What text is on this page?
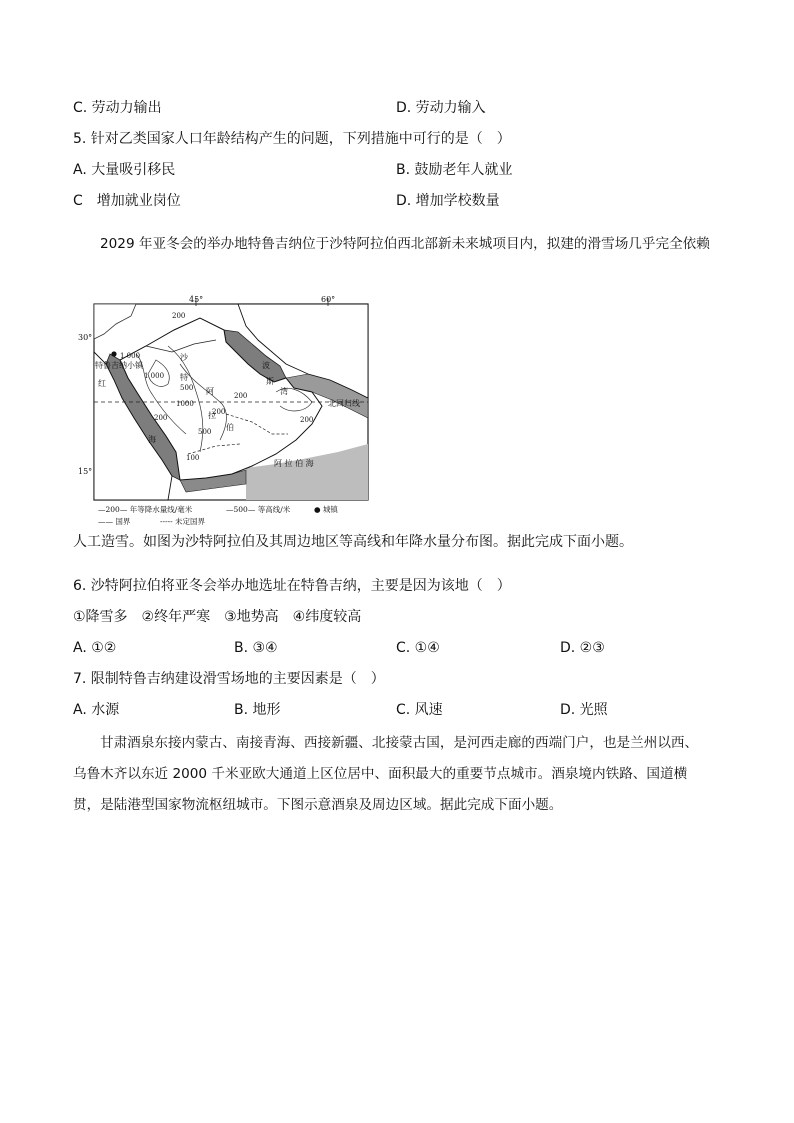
C. 劳动力输出	D. 劳动力输入
5. 针对乙类国家人口年龄结构产生的问题，下列措施中可行的是（　）
A. 大量吸引移民	B. 鼓励老年人就业
C　增加就业岗位	D. 增加学校数量
2029 年亚冬会的举办地特鲁吉纳位于沙特阿拉伯西北部新未来城项目内，拟建的滑雪场几乎完全依赖
45°	60°
30°
15°
特鲁吉纳小镇
红
海
波
斯
湾
北回归线
阿 拉 伯 海
沙
特
阿
拉
伯
200
200
200
200
200
1 000
1 000
1000
500
500
100
—200— 年等降水量线/毫米	—500— 等高线/米	● 城镇
—— 国界	----- 未定国界
人工造雪。如图为沙特阿拉伯及其周边地区等高线和年降水量分布图。据此完成下面小题。
6. 沙特阿拉伯将亚冬会举办地选址在特鲁吉纳，主要是因为该地（　）
①降雪多　②终年严寒　③地势高　④纬度较高
A. ①②	B. ③④	C. ①④	D. ②③
7. 限制特鲁吉纳建设滑雪场地的主要因素是（　）
A. 水源	B. 地形	C. 风速	D. 光照
甘肃酒泉东接内蒙古、南接青海、西接新疆、北接蒙古国，是河西走廊的西端门户，也是兰州以西、
乌鲁木齐以东近 2000 千米亚欧大通道上区位居中、面积最大的重要节点城市。酒泉境内铁路、国道横
贯，是陆港型国家物流枢纽城市。下图示意酒泉及周边区域。据此完成下面小题。
